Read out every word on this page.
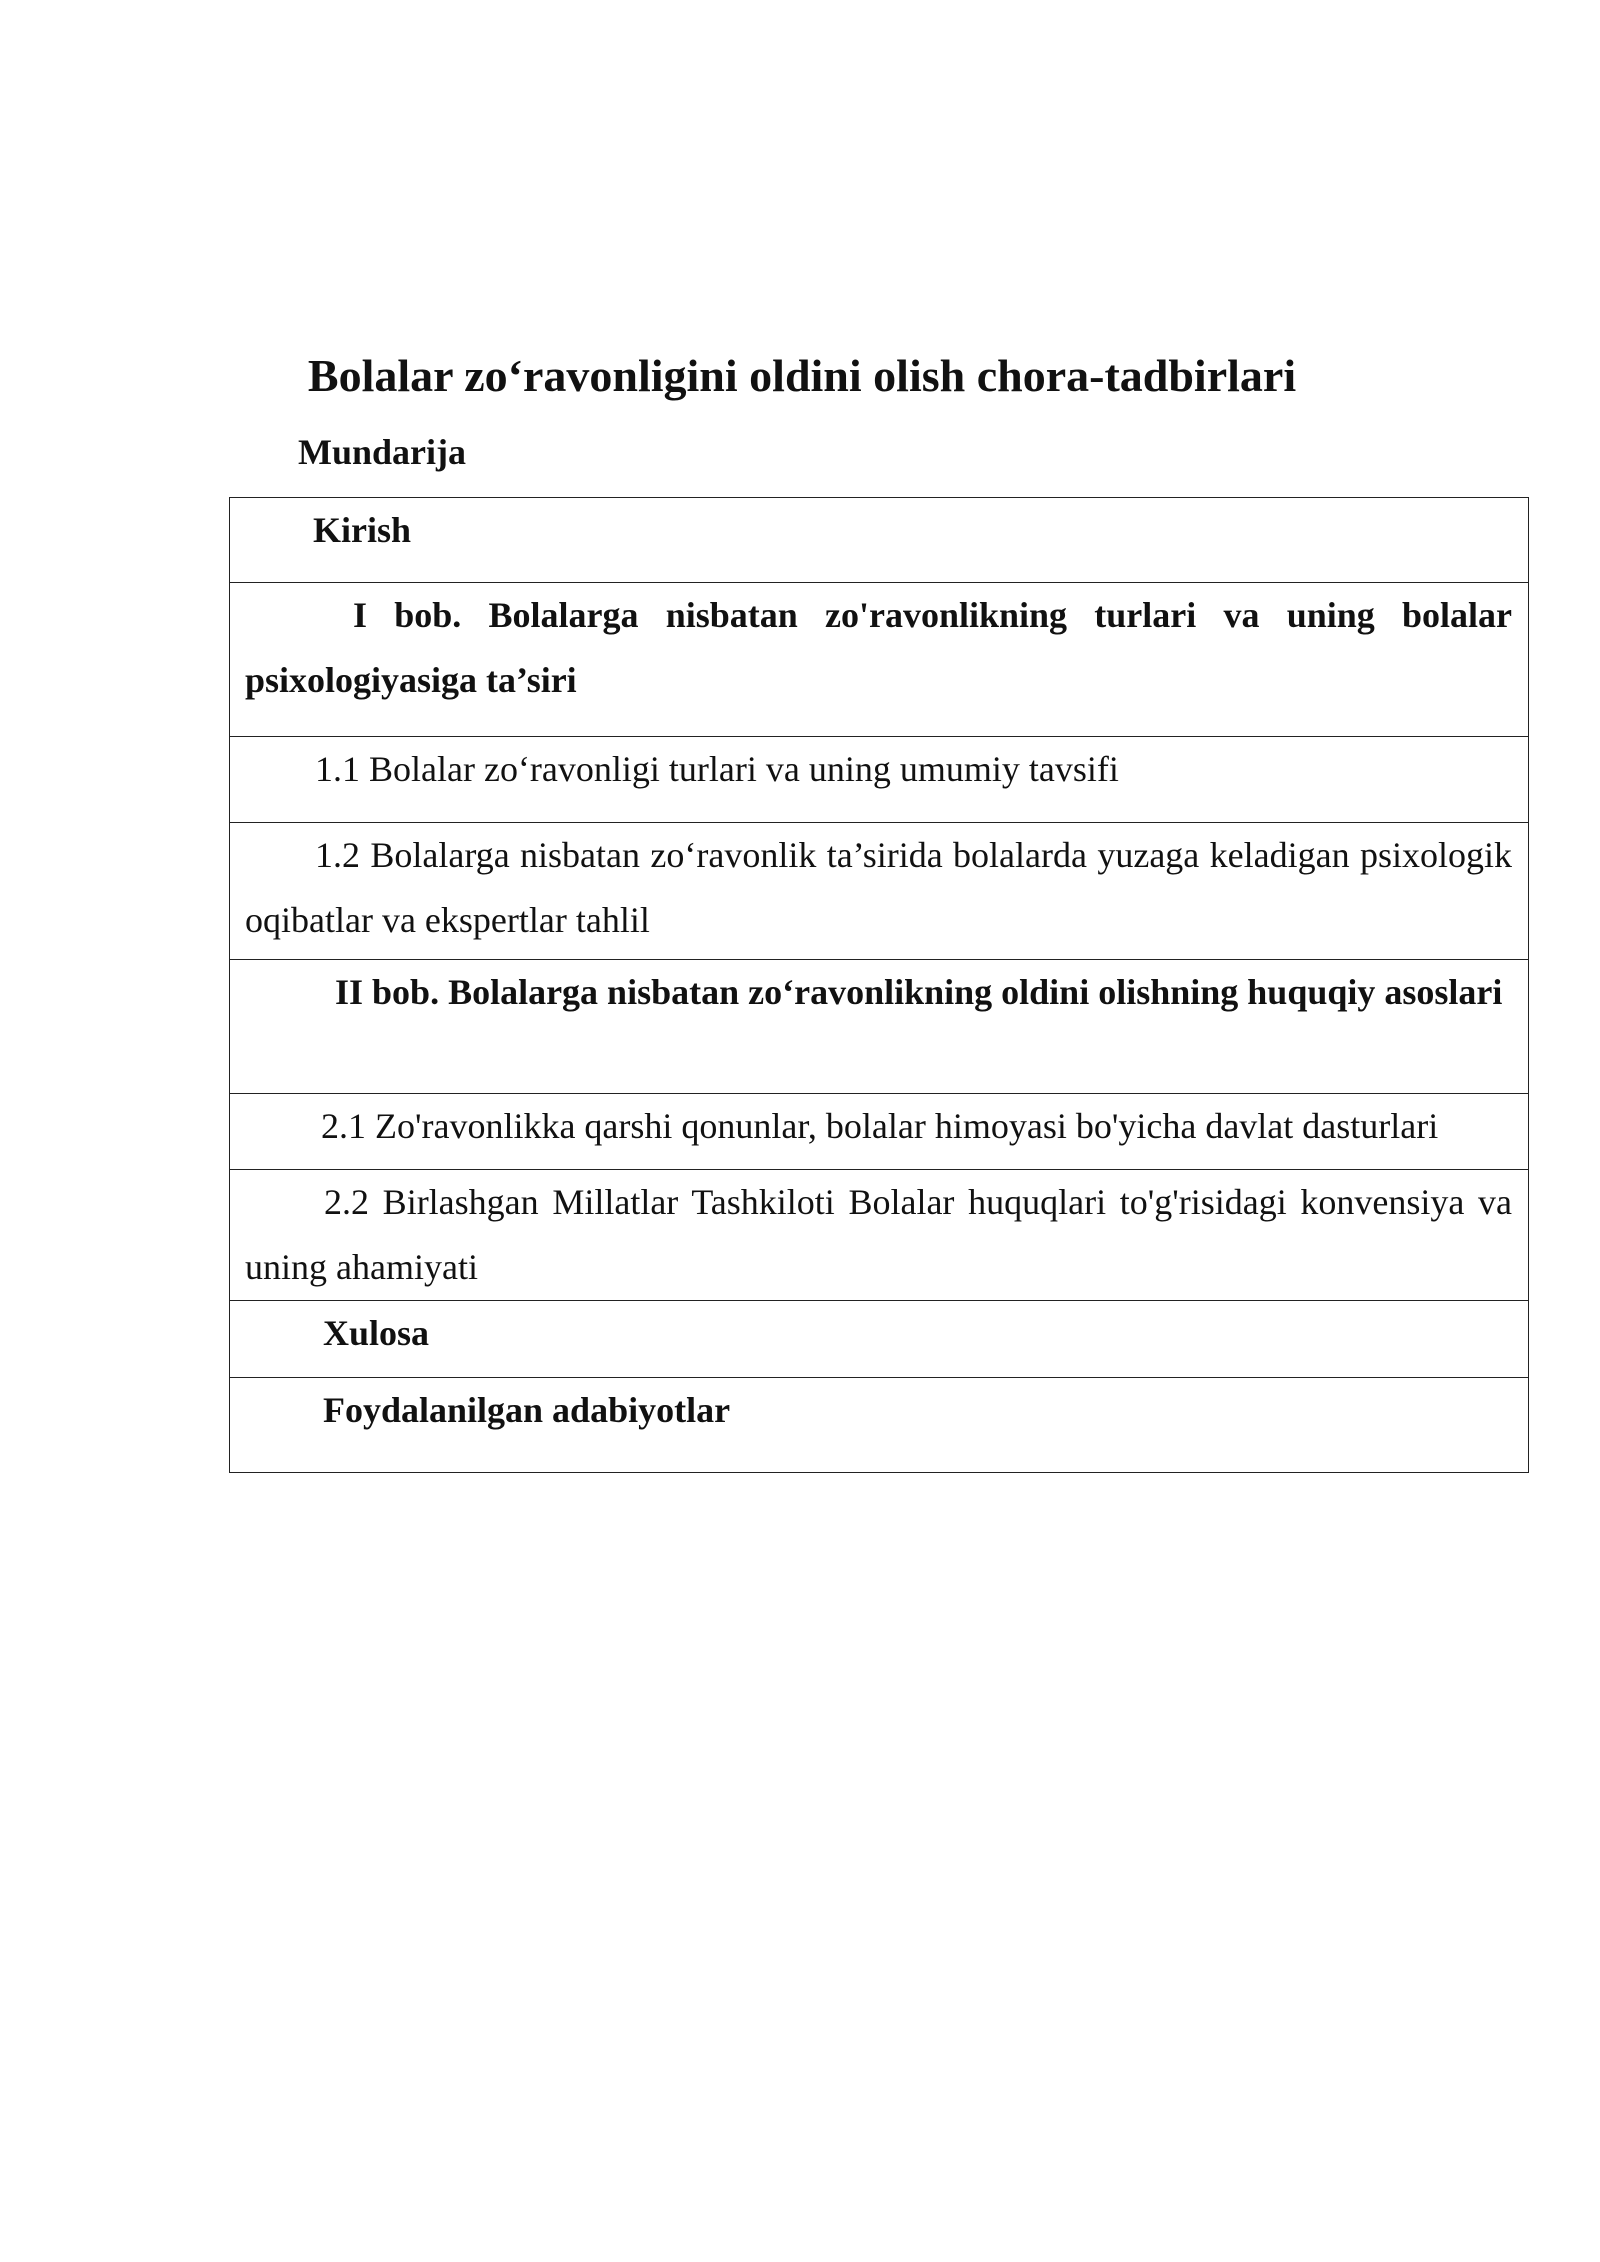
Bolalar zo‘ravonligini oldini olish chora-tadbirlari
Mundarija
Kirish
I bob. Bolalarga nisbatan zo'ravonlikning turlari va uning bolalar psixologiyasiga ta’siri
1.1 Bolalar zo‘ravonligi turlari va uning umumiy tavsifi
1.2 Bolalarga nisbatan zo‘ravonlik ta’sirida bolalarda yuzaga keladigan psixologik oqibatlar va ekspertlar tahlil
II bob. Bolalarga nisbatan zo‘ravonlikning oldini olishning huquqiy asoslari
2.1 Zo'ravonlikka qarshi qonunlar, bolalar himoyasi bo'yicha davlat dasturlari
2.2 Birlashgan Millatlar Tashkiloti Bolalar huquqlari to'g'risidagi konvensiya va uning ahamiyati
Xulosa
Foydalanilgan adabiyotlar
